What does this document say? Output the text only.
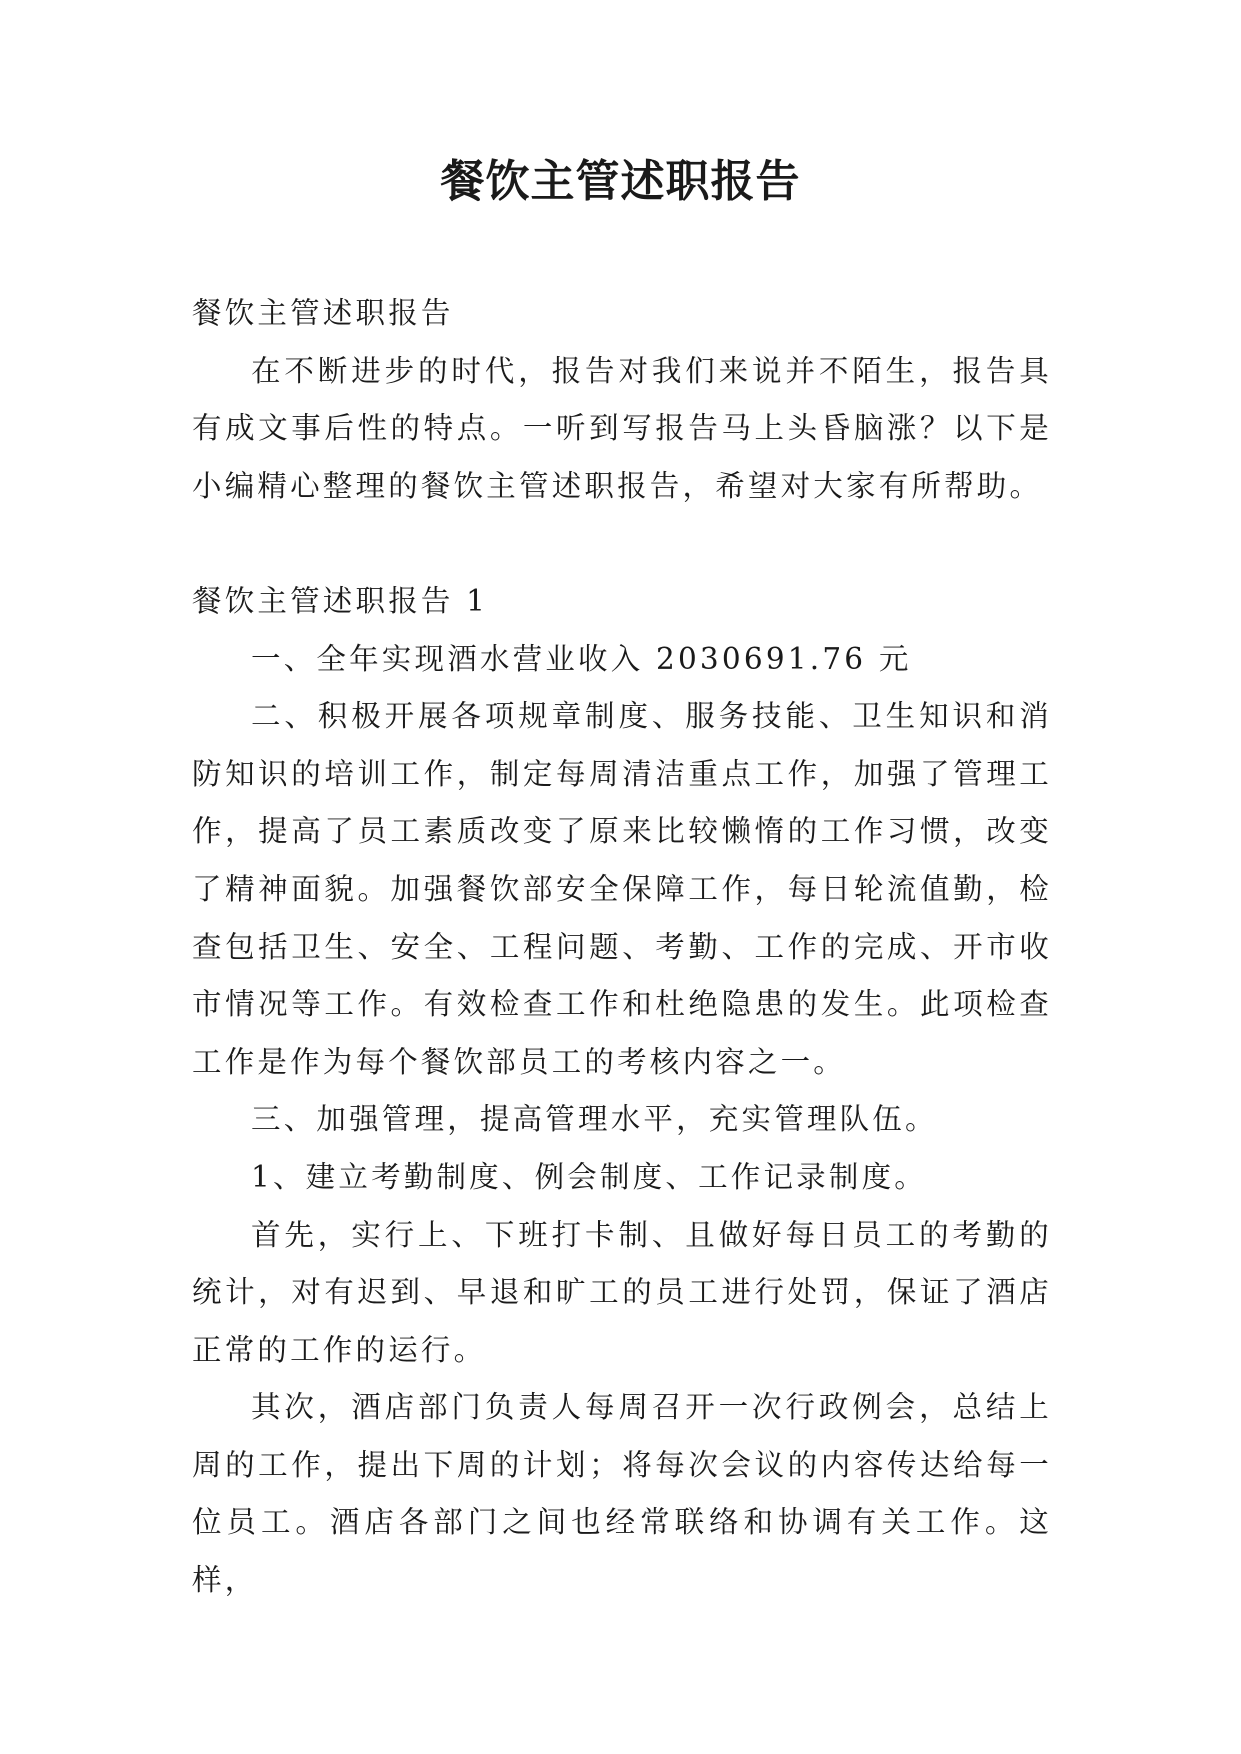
餐饮主管述职报告

餐饮主管述职报告

在不断进步的时代，报告对我们来说并不陌生，报告具有成文事后性的特点。一听到写报告马上头昏脑涨？以下是小编精心整理的餐饮主管述职报告，希望对大家有所帮助。

餐饮主管述职报告 1

一、全年实现酒水营业收入 2030691.76 元

二、积极开展各项规章制度、服务技能、卫生知识和消防知识的培训工作，制定每周清洁重点工作，加强了管理工作，提高了员工素质改变了原来比较懒惰的工作习惯，改变了精神面貌。加强餐饮部安全保障工作，每日轮流值勤，检查包括卫生、安全、工程问题、考勤、工作的完成、开市收市情况等工作。有效检查工作和杜绝隐患的发生。此项检查工作是作为每个餐饮部员工的考核内容之一。

三、加强管理，提高管理水平，充实管理队伍。

1、建立考勤制度、例会制度、工作记录制度。

首先，实行上、下班打卡制、且做好每日员工的考勤的统计，对有迟到、早退和旷工的员工进行处罚，保证了酒店正常的工作的运行。

其次，酒店部门负责人每周召开一次行政例会，总结上周的工作，提出下周的计划；将每次会议的内容传达给每一位员工。酒店各部门之间也经常联络和协调有关工作。这样，
